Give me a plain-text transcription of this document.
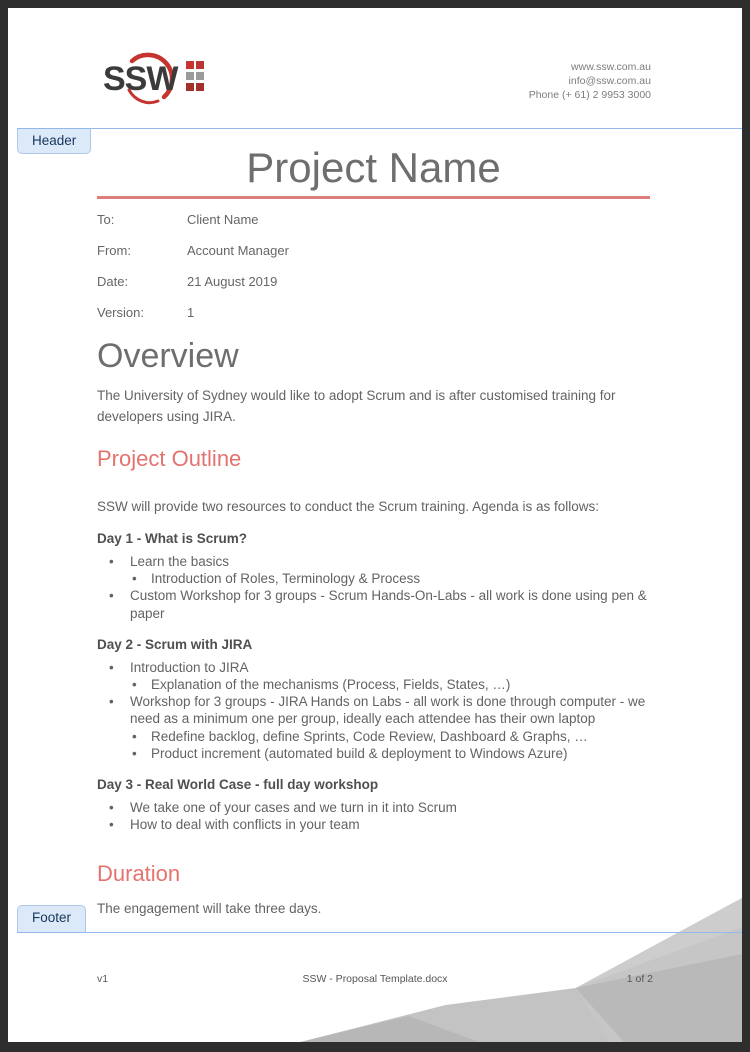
SSW	www.ssw.com.au
info@ssw.com.au
Phone (+ 61) 2 9953 3000
Header
Project Name
To:	Client Name
From:	Account Manager
Date:	21 August 2019
Version:	1
Overview

The University of Sydney would like to adopt Scrum and is after customised training for developers using JIRA.

Project Outline

SSW will provide two resources to conduct the Scrum training. Agenda is as follows:

Day 1 - What is Scrum?
•	Learn the basics
•	Introduction of Roles, Terminology & Process
•	Custom Workshop for 3 groups - Scrum Hands-On-Labs - all work is done using pen & paper
Day 2 - Scrum with JIRA
•	Introduction to JIRA
•	Explanation of the mechanisms (Process, Fields, States, …)
•	Workshop for 3 groups - JIRA Hands on Labs - all work is done through computer - we need as a minimum one per group, ideally each attendee has their own laptop
•	Redefine backlog, define Sprints, Code Review, Dashboard & Graphs, …
•	Product increment (automated build & deployment to Windows Azure)
Day 3 - Real World Case - full day workshop
•	We take one of your cases and we turn in it into Scrum
•	How to deal with conflicts in your team
Duration

The engagement will take three days.

Footer
v1	SSW - Proposal Template.docx	1 of 2
